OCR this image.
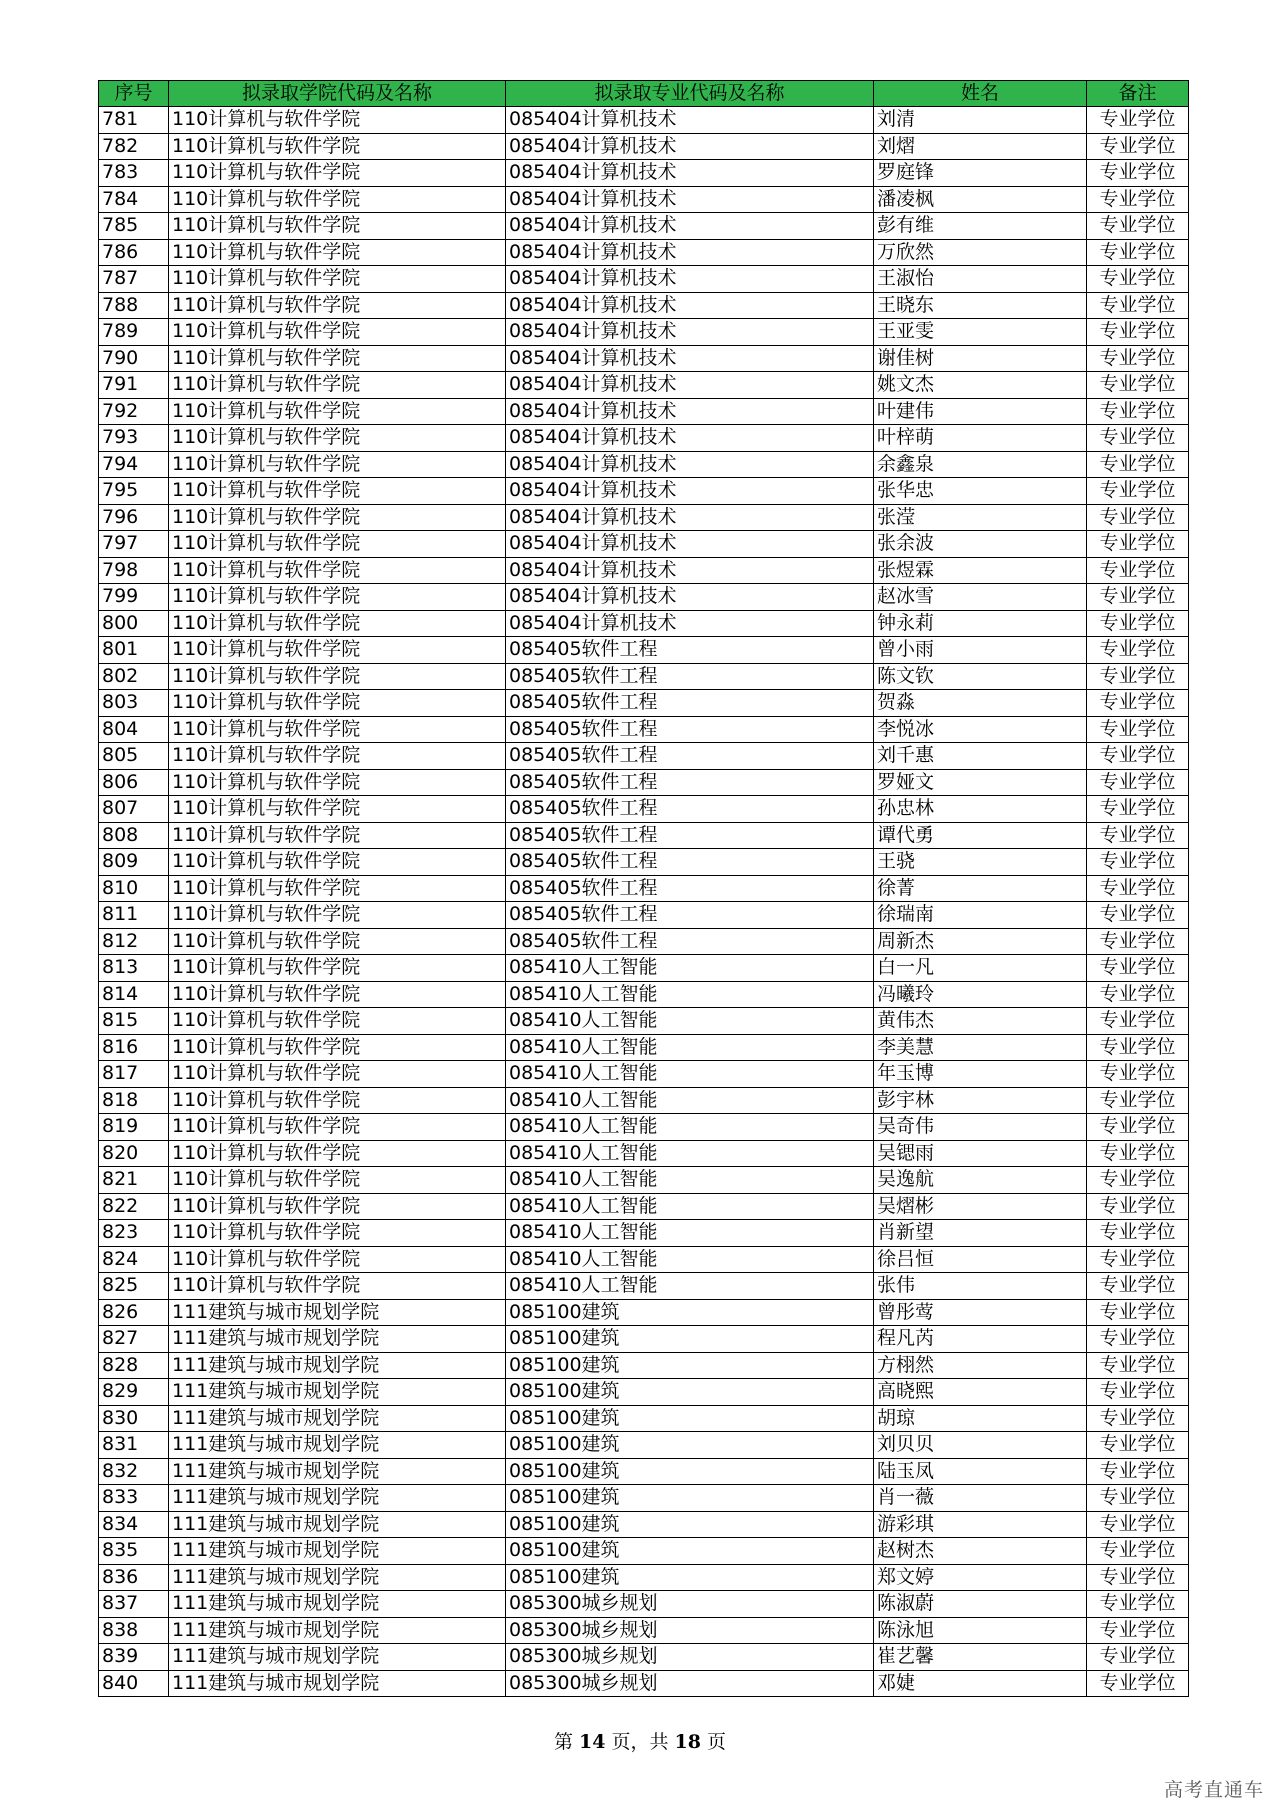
序号	拟录取学院代码及名称	拟录取专业代码及名称	姓名	备注
781	110计算机与软件学院	085404计算机技术	刘清	专业学位
782	110计算机与软件学院	085404计算机技术	刘熠	专业学位
783	110计算机与软件学院	085404计算机技术	罗庭锋	专业学位
784	110计算机与软件学院	085404计算机技术	潘凌枫	专业学位
785	110计算机与软件学院	085404计算机技术	彭有维	专业学位
786	110计算机与软件学院	085404计算机技术	万欣然	专业学位
787	110计算机与软件学院	085404计算机技术	王淑怡	专业学位
788	110计算机与软件学院	085404计算机技术	王晓东	专业学位
789	110计算机与软件学院	085404计算机技术	王亚雯	专业学位
790	110计算机与软件学院	085404计算机技术	谢佳树	专业学位
791	110计算机与软件学院	085404计算机技术	姚文杰	专业学位
792	110计算机与软件学院	085404计算机技术	叶建伟	专业学位
793	110计算机与软件学院	085404计算机技术	叶梓萌	专业学位
794	110计算机与软件学院	085404计算机技术	余鑫泉	专业学位
795	110计算机与软件学院	085404计算机技术	张华忠	专业学位
796	110计算机与软件学院	085404计算机技术	张滢	专业学位
797	110计算机与软件学院	085404计算机技术	张余波	专业学位
798	110计算机与软件学院	085404计算机技术	张煜霖	专业学位
799	110计算机与软件学院	085404计算机技术	赵冰雪	专业学位
800	110计算机与软件学院	085404计算机技术	钟永莉	专业学位
801	110计算机与软件学院	085405软件工程	曾小雨	专业学位
802	110计算机与软件学院	085405软件工程	陈文钦	专业学位
803	110计算机与软件学院	085405软件工程	贺淼	专业学位
804	110计算机与软件学院	085405软件工程	李悦冰	专业学位
805	110计算机与软件学院	085405软件工程	刘千惠	专业学位
806	110计算机与软件学院	085405软件工程	罗娅文	专业学位
807	110计算机与软件学院	085405软件工程	孙忠林	专业学位
808	110计算机与软件学院	085405软件工程	谭代勇	专业学位
809	110计算机与软件学院	085405软件工程	王骁	专业学位
810	110计算机与软件学院	085405软件工程	徐菁	专业学位
811	110计算机与软件学院	085405软件工程	徐瑞南	专业学位
812	110计算机与软件学院	085405软件工程	周新杰	专业学位
813	110计算机与软件学院	085410人工智能	白一凡	专业学位
814	110计算机与软件学院	085410人工智能	冯曦玲	专业学位
815	110计算机与软件学院	085410人工智能	黄伟杰	专业学位
816	110计算机与软件学院	085410人工智能	李美慧	专业学位
817	110计算机与软件学院	085410人工智能	年玉博	专业学位
818	110计算机与软件学院	085410人工智能	彭宇林	专业学位
819	110计算机与软件学院	085410人工智能	吴奇伟	专业学位
820	110计算机与软件学院	085410人工智能	吴锶雨	专业学位
821	110计算机与软件学院	085410人工智能	吴逸航	专业学位
822	110计算机与软件学院	085410人工智能	吴熠彬	专业学位
823	110计算机与软件学院	085410人工智能	肖新望	专业学位
824	110计算机与软件学院	085410人工智能	徐吕恒	专业学位
825	110计算机与软件学院	085410人工智能	张伟	专业学位
826	111建筑与城市规划学院	085100建筑	曾彤莺	专业学位
827	111建筑与城市规划学院	085100建筑	程凡芮	专业学位
828	111建筑与城市规划学院	085100建筑	方栩然	专业学位
829	111建筑与城市规划学院	085100建筑	高晓熙	专业学位
830	111建筑与城市规划学院	085100建筑	胡琼	专业学位
831	111建筑与城市规划学院	085100建筑	刘贝贝	专业学位
832	111建筑与城市规划学院	085100建筑	陆玉凤	专业学位
833	111建筑与城市规划学院	085100建筑	肖一薇	专业学位
834	111建筑与城市规划学院	085100建筑	游彩琪	专业学位
835	111建筑与城市规划学院	085100建筑	赵树杰	专业学位
836	111建筑与城市规划学院	085100建筑	郑文婷	专业学位
837	111建筑与城市规划学院	085300城乡规划	陈淑蔚	专业学位
838	111建筑与城市规划学院	085300城乡规划	陈泳旭	专业学位
839	111建筑与城市规划学院	085300城乡规划	崔艺馨	专业学位
840	111建筑与城市规划学院	085300城乡规划	邓婕	专业学位
第 14 页，共 18 页
高考直通车
